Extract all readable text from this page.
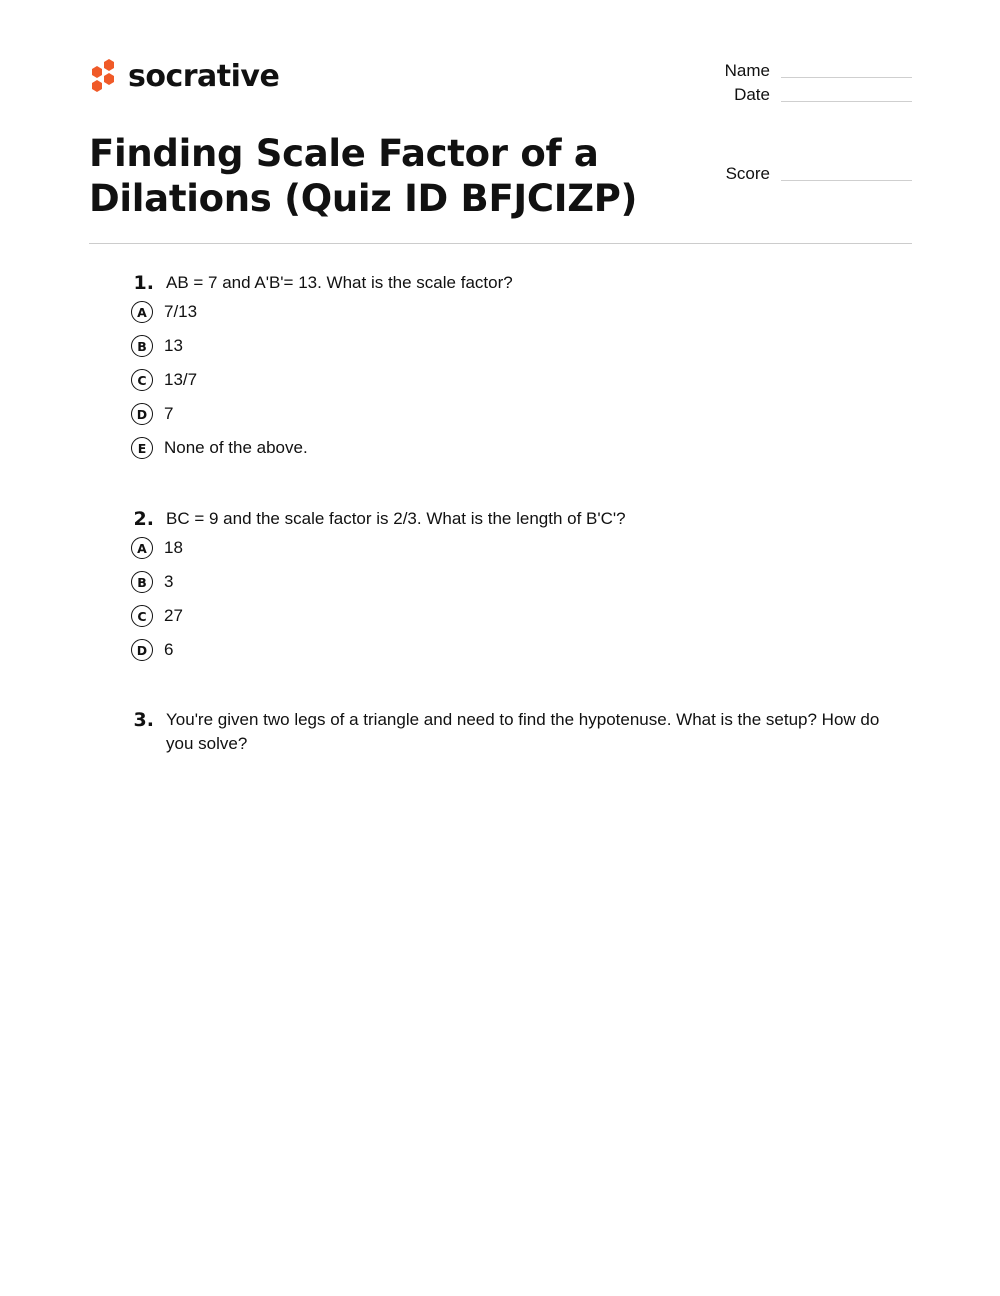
socrative
Finding Scale Factor of a Dilations (Quiz ID BFJCIZP)
Name
Date
Score
1. AB = 7 and A'B'= 13. What is the scale factor?
A	7/13
B	13
C	13/7
D 7
E	None of the above.
2. BC = 9 and the scale factor is 2/3. What is the length of B'C'?
A	18
B	3
C	27
D 6
3. You're given two legs of a triangle and need to find the hypotenuse. What is the setup? How do you solve?
